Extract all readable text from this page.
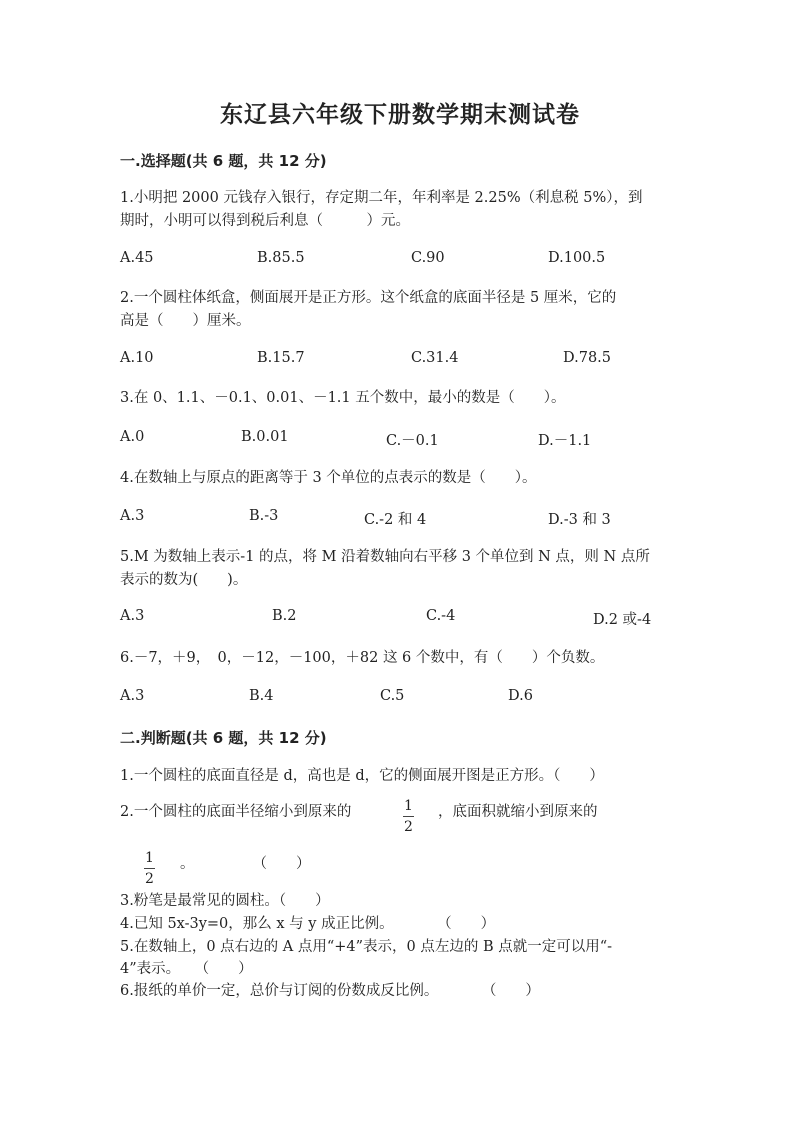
东辽县六年级下册数学期末测试卷
一.选择题(共 6 题，共 12 分)
1.小明把 2000 元钱存入银行，存定期二年，年利率是 2.25%（利息税 5%），到
期时，小明可以得到税后利息（　　　）元。
A.45	B.85.5	C.90	D.100.5
2.一个圆柱体纸盒，侧面展开是正方形。这个纸盒的底面半径是 5 厘米，它的
高是（　　）厘米。
A.10	B.15.7	C.31.4	D.78.5
3.在 0、1.1、－0.1、0.01、－1.1 五个数中，最小的数是（　　）。
A.0	B.0.01	C.－0.1	D.－1.1
4.在数轴上与原点的距离等于 3 个单位的点表示的数是（　　）。
A.3	B.-3	C.-2 和 4	D.-3 和 3
5.M 为数轴上表示-1 的点，将 M 沿着数轴向右平移 3 个单位到 N 点，则 N 点所
表示的数为(　　)。
A.3	B.2	C.-4	D.2 或-4
6.－7，＋9，　0，－12，－100，＋82 这 6 个数中，有（　　）个负数。
A.3	B.4	C.5	D.6
二.判断题(共 6 题，共 12 分)
1.一个圆柱的底面直径是 d，高也是 d，它的侧面展开图是正方形。（　　）
2.一个圆柱的底面半径缩小到原来的	1
2
，底面积就缩小到原来的
1
2
。　　　　　（　　）
3.粉笔是最常见的圆柱。（　　）
4.已知 5x-3y=0，那么 x 与 y 成正比例。　　　　（　　）
5.在数轴上，0 点右边的 A 点用“+4”表示，0 点左边的 B 点就一定可以用“-
4”表示。　　（　　）
6.报纸的单价一定，总价与订阅的份数成反比例。　　　　（　　）
